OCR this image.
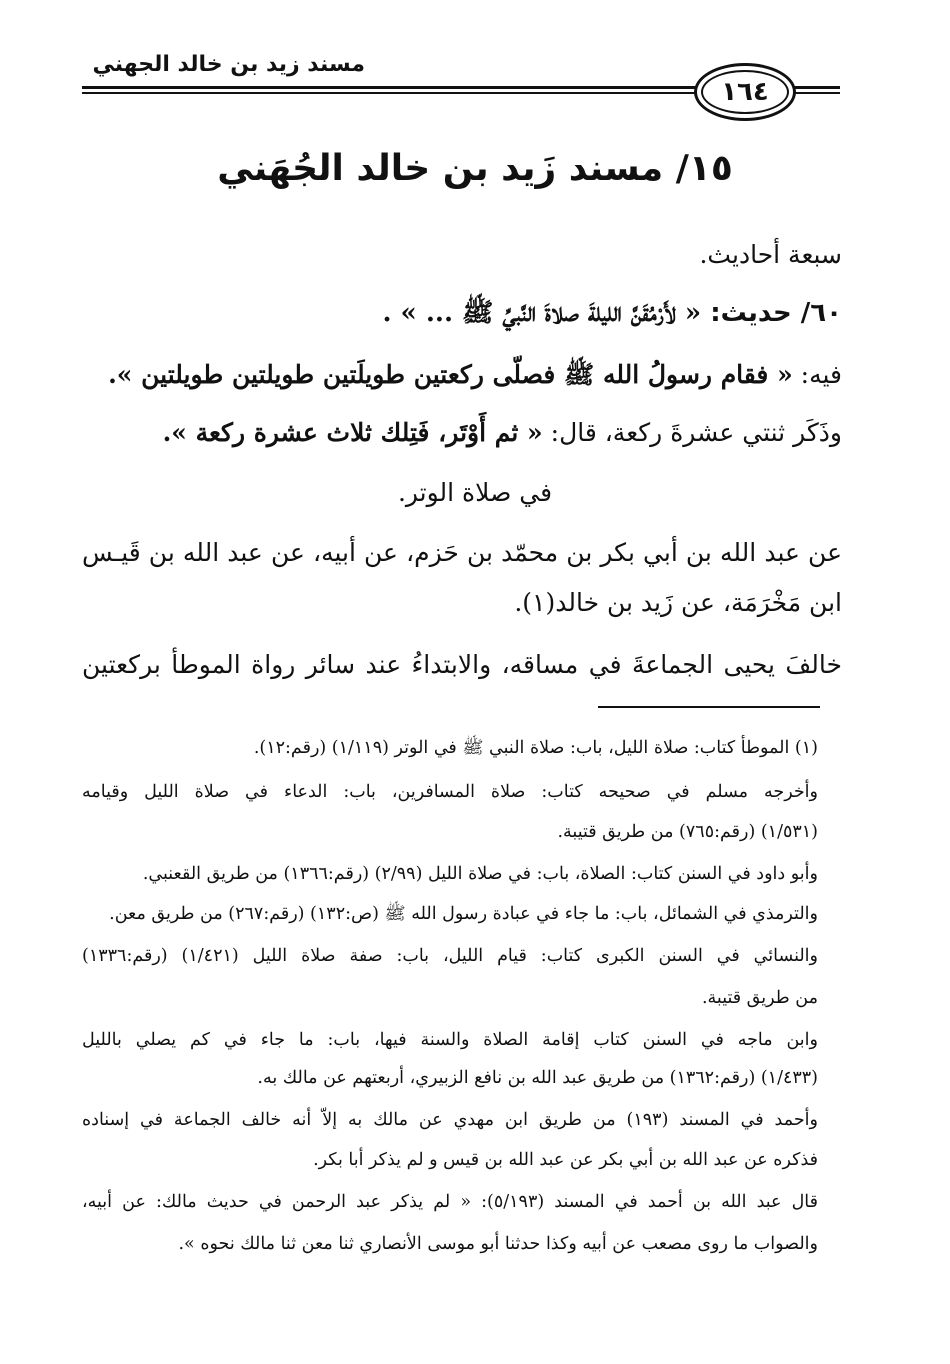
مسند زيد بن خالد الجهني
١٦٤
١٥/ مسند زَيد بن خالد الجُهَني
سبعة أحاديث.
٦٠/ حديث: « لأَرْمُقَنَّ الليلةَ صلاةَ النَّبيِّ ﷺ ... » .
فيه: « فقام رسولُ الله ﷺ فصلّى ركعتين طويلَتين طويلتين طويلتين ».
وذَكَر ثنتي عشرةَ ركعة، قال: « ثم أَوْتَر، فَتِلك ثلاث عشرة ركعة ».
في صلاة الوتر.
عن عبد الله بن أبي بكر بن محمّد بن حَزم، عن أبيه، عن عبد الله بن قَيـس
ابن مَخْرَمَة، عن زَيد بن خالد(١).
خالفَ يحيى الجماعةَ في مساقه، والابتداءُ عند سائر رواة الموطأ بركعتين
(١) الموطأ كتاب: صلاة الليل، باب: صلاة النبي ﷺ في الوتر (١/١١٩) (رقم:١٢).
وأخرجه مسلم في صحيحه كتاب: صلاة المسافرين، باب: الدعاء في صلاة الليل وقيامه
(١/٥٣١) (رقم:٧٦٥) من طريق قتيبة.
وأبو داود في السنن كتاب: الصلاة، باب: في صلاة الليل (٢/٩٩) (رقم:١٣٦٦) من طريق القعنبي.
والترمذي في الشمائل، باب: ما جاء في عبادة رسول الله ﷺ (ص:١٣٢) (رقم:٢٦٧) من طريق معن.
والنسائي في السنن الكبرى كتاب: قيام الليل، باب: صفة صلاة الليل (١/٤٢١) (رقم:١٣٣٦)
من طريق قتيبة.
وابن ماجه في السنن كتاب إقامة الصلاة والسنة فيها، باب: ما جاء في كم يصلي بالليل
(١/٤٣٣) (رقم:١٣٦٢) من طريق عبد الله بن نافع الزبيري، أربعتهم عن مالك به.
وأحمد في المسند (١٩٣) من طريق ابن مهدي عن مالك به إلاّ أنه خالف الجماعة في إسناده
فذكره عن عبد الله بن أبي بكر عن عبد الله بن قيس و لم يذكر أبا بكر.
قال عبد الله بن أحمد في المسند (٥/١٩٣): « لم يذكر عبد الرحمن في حديث مالك: عن أبيه،
والصواب ما روى مصعب عن أبيه وكذا حدثنا أبو موسى الأنصاري ثنا معن ثنا مالك نحوه ».
